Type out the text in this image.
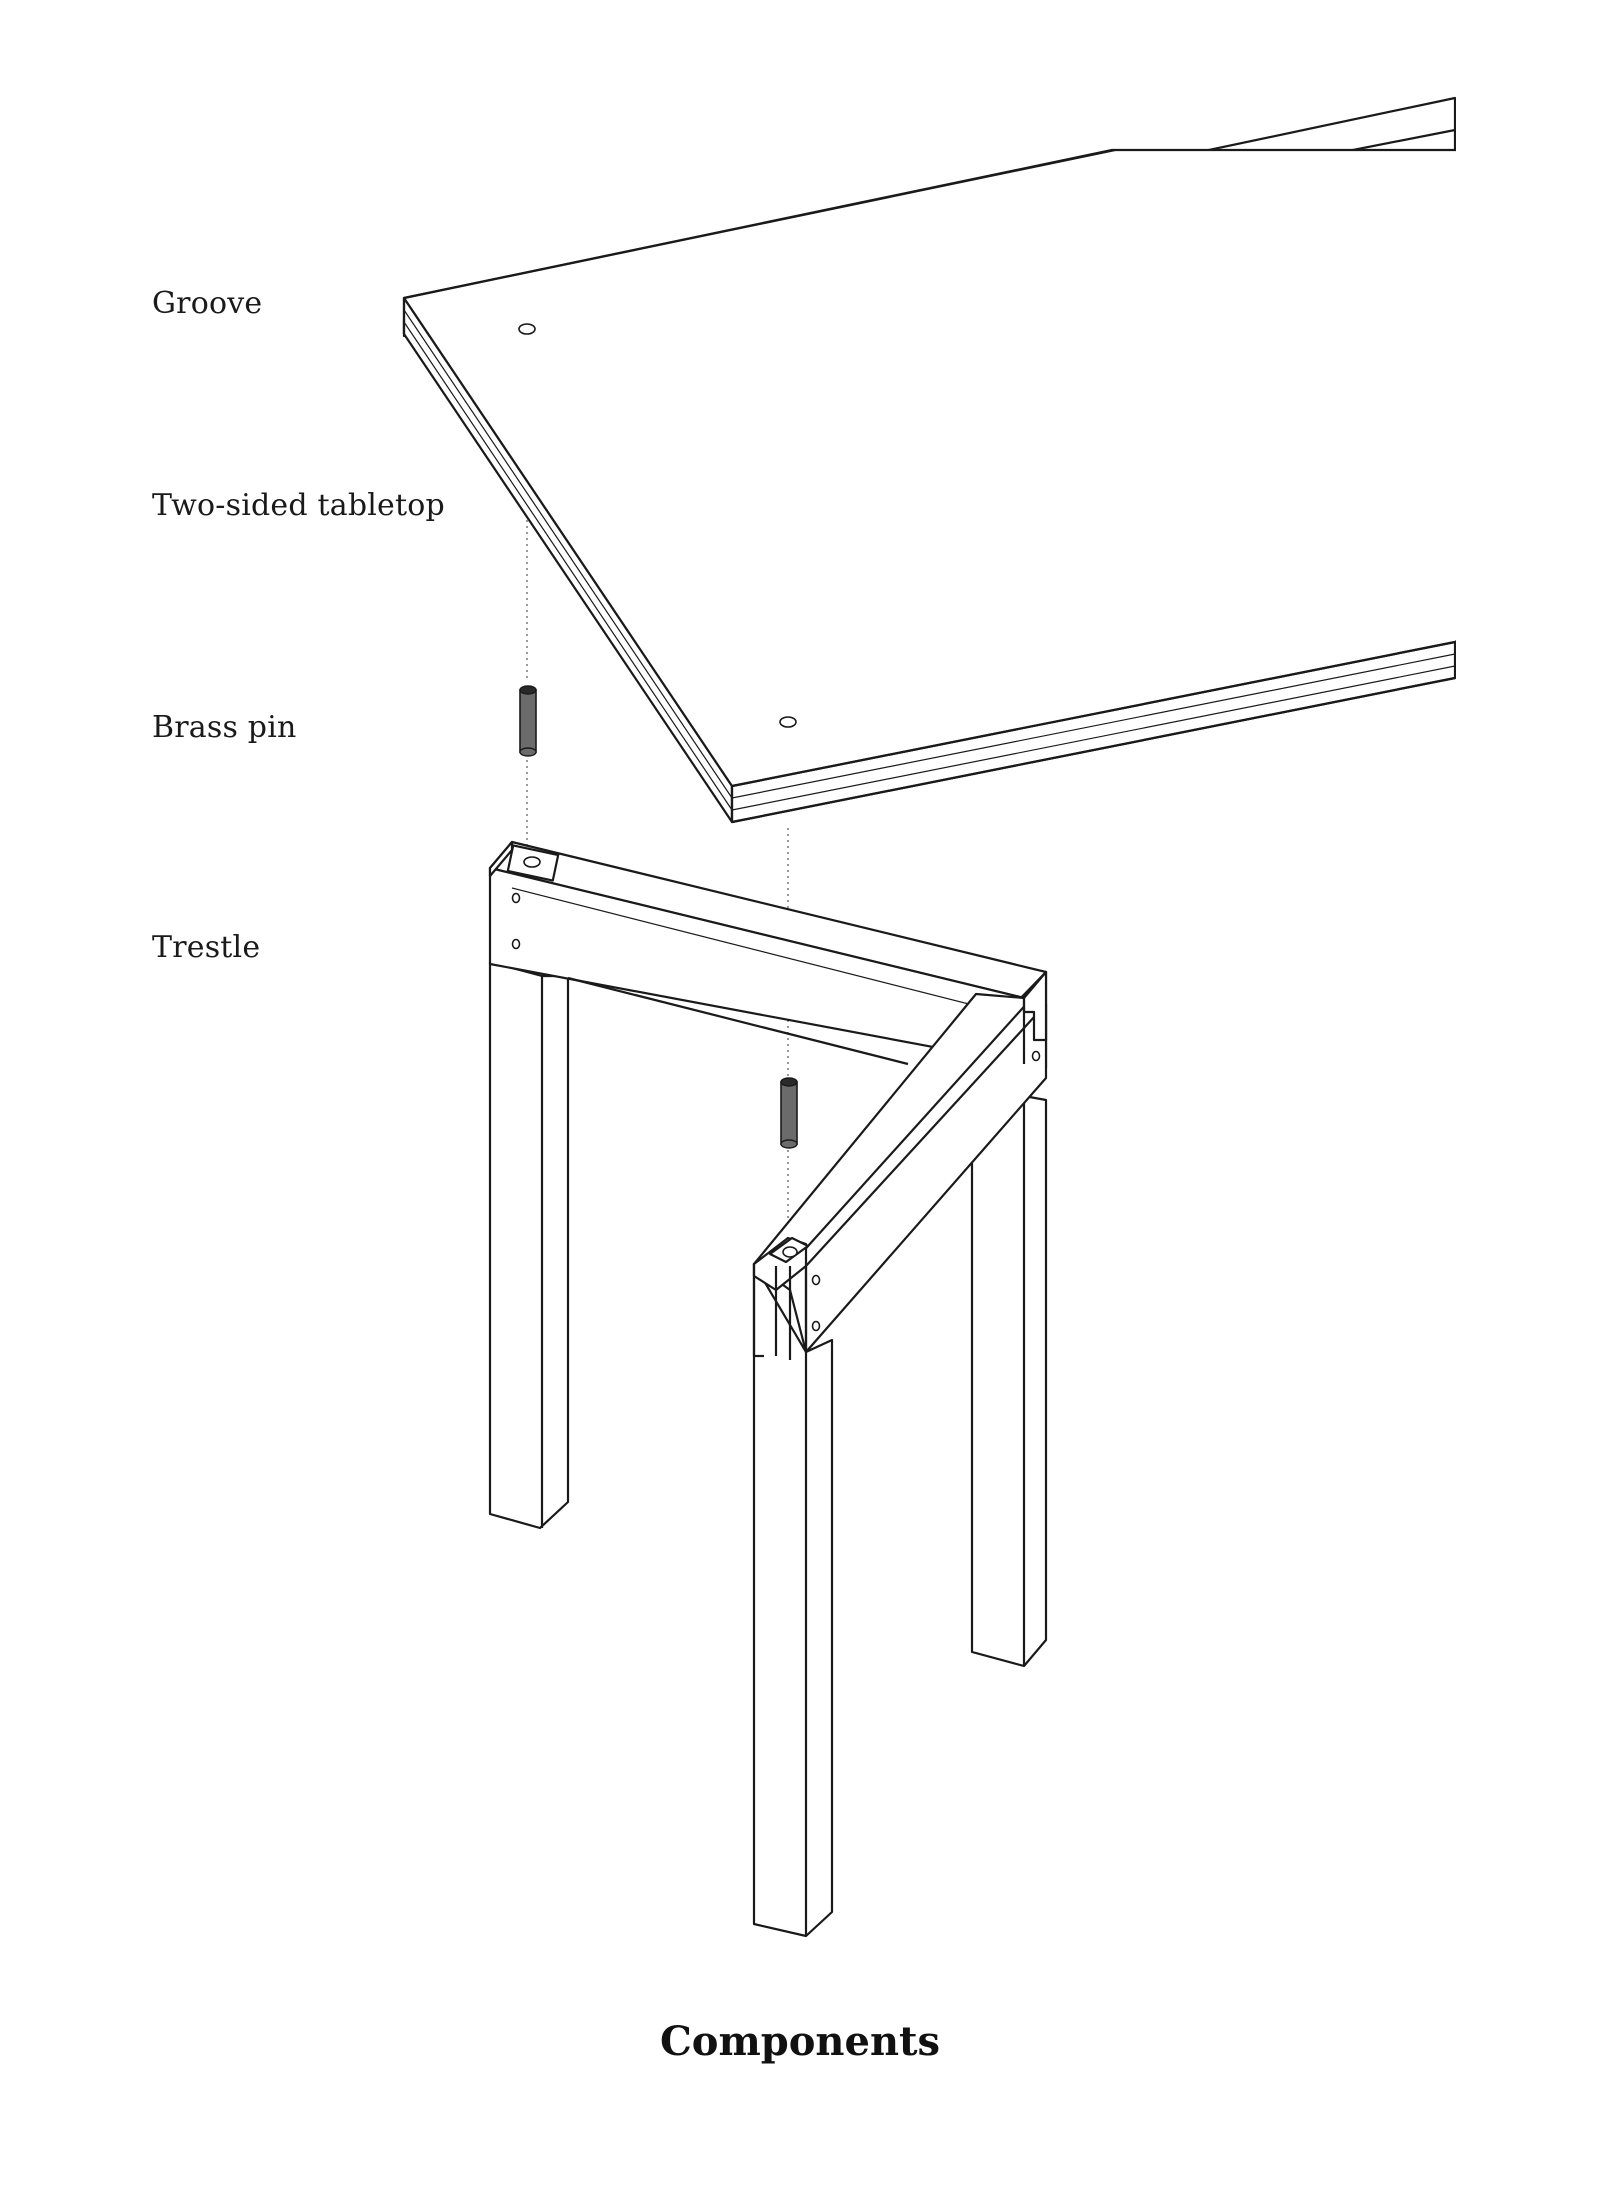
Groove
Two-sided tabletop
Brass pin
Trestle
Components
